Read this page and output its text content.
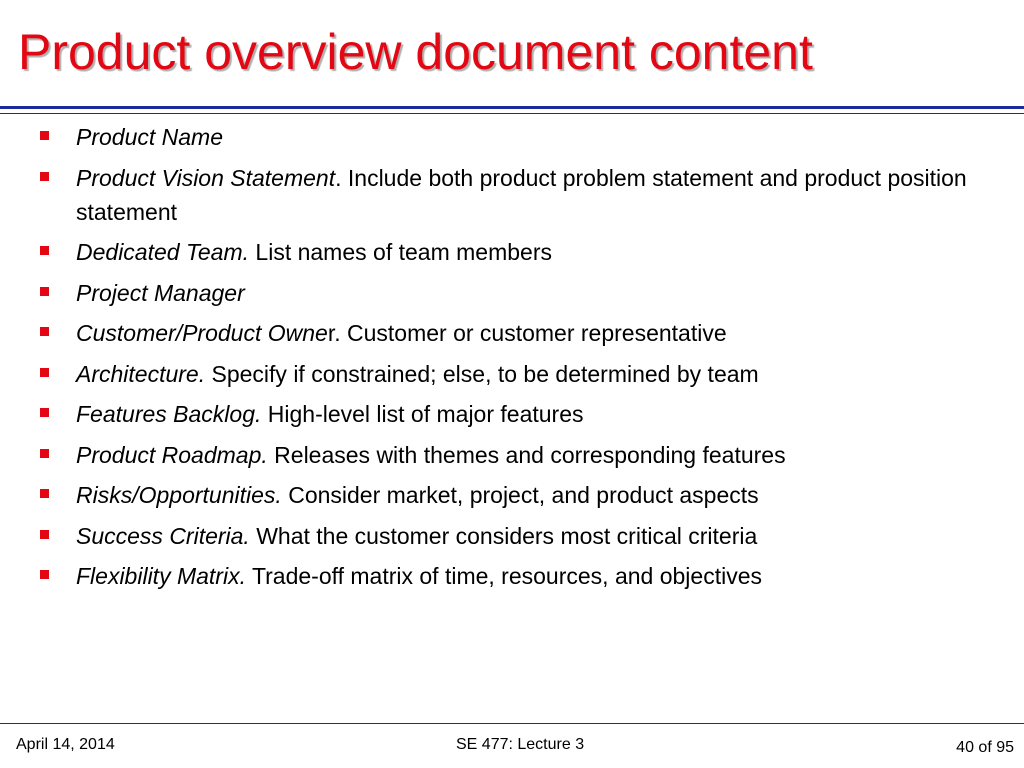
Product overview document content
Product Name
Product Vision Statement. Include both product problem statement and product position statement
Dedicated Team. List names of team members
Project Manager
Customer/Product Owner. Customer or customer representative
Architecture. Specify if constrained; else, to be determined by team
Features Backlog. High-level list of major features
Product Roadmap. Releases with themes and corresponding features
Risks/Opportunities. Consider market, project, and product aspects
Success Criteria. What the customer considers most critical criteria
Flexibility Matrix. Trade-off matrix of time, resources, and objectives
April 14, 2014	SE 477: Lecture 3	40 of 95
